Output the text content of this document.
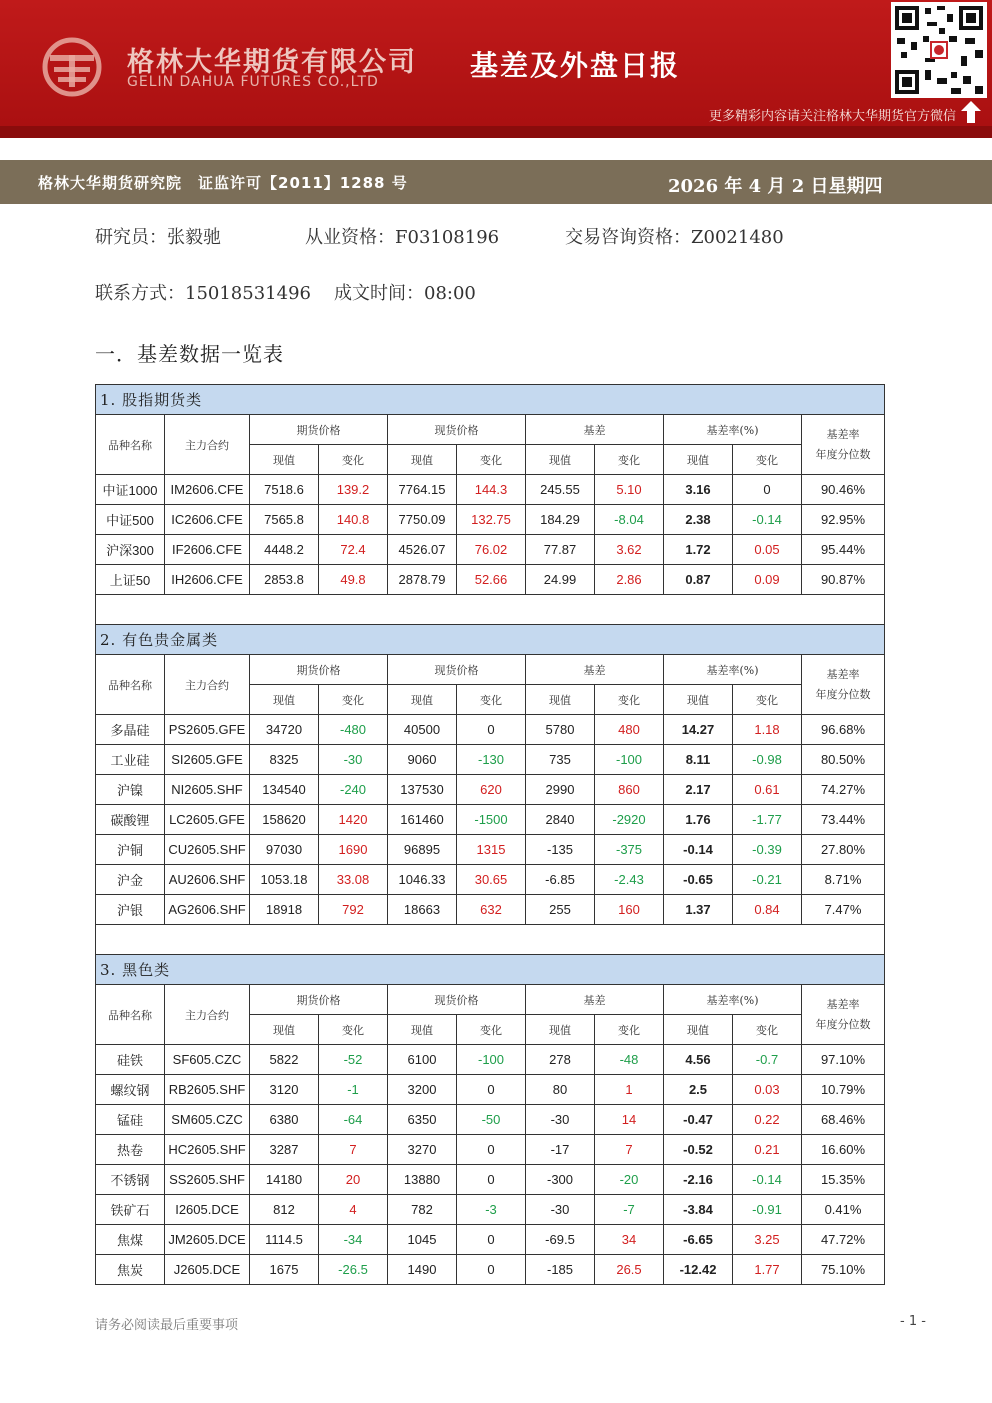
格林大华期货有限公司
GELIN DAHUA FUTURES CO.,LTD	基差及外盘日报
更多精彩内容请关注格林大华期货官方微信
格林大华期货研究院　证监许可【2011】1288 号	2026 年 4 月 2 日星期四
研究员：张毅驰	从业资格：F03108196	交易咨询资格：Z0021480
联系方式：15018531496 成文时间：08:00
一．基差数据一览表
1. 股指期货类										
品种名称	主力合约	期货价格		现货价格		基差		基差率(%)		基差率
年度分位数

		现值	变化	现值	变化	现值	变化	现值	变化	
中证1000	IM2606.CFE	7518.6	139.2	7764.15	144.3	245.55	5.10	3.16	0	90.46%
中证500	IC2606.CFE	7565.8	140.8	7750.09	132.75	184.29	-8.04	2.38	-0.14	92.95%
沪深300	IF2606.CFE	4448.2	72.4	4526.07	76.02	77.87	3.62	1.72	0.05	95.44%
上证50	IH2606.CFE	2853.8	49.8	2878.79	52.66	24.99	2.86	0.87	0.09	90.87%

2. 有色贵金属类										
品种名称	主力合约	期货价格		现货价格		基差		基差率(%)		基差率
年度分位数

		现值	变化	现值	变化	现值	变化	现值	变化	
多晶硅	PS2605.GFE	34720	-480	40500	0	5780	480	14.27	1.18	96.68%
工业硅	SI2605.GFE	8325	-30	9060	-130	735	-100	8.11	-0.98	80.50%
沪镍	NI2605.SHF	134540	-240	137530	620	2990	860	2.17	0.61	74.27%
碳酸锂	LC2605.GFE	158620	1420	161460	-1500	2840	-2920	1.76	-1.77	73.44%
沪铜	CU2605.SHF	97030	1690	96895	1315	-135	-375	-0.14	-0.39	27.80%
沪金	AU2606.SHF	1053.18	33.08	1046.33	30.65	-6.85	-2.43	-0.65	-0.21	8.71%
沪银	AG2606.SHF	18918	792	18663	632	255	160	1.37	0.84	7.47%

3. 黑色类										
品种名称	主力合约	期货价格		现货价格		基差		基差率(%)		基差率
年度分位数

		现值	变化	现值	变化	现值	变化	现值	变化	
硅铁	SF605.CZC	5822	-52	6100	-100	278	-48	4.56	-0.7	97.10%
螺纹钢	RB2605.SHF	3120	-1	3200	0	80	1	2.5	0.03	10.79%
锰硅	SM605.CZC	6380	-64	6350	-50	-30	14	-0.47	0.22	68.46%
热卷	HC2605.SHF	3287	7	3270	0	-17	7	-0.52	0.21	16.60%
不锈钢	SS2605.SHF	14180	20	13880	0	-300	-20	-2.16	-0.14	15.35%
铁矿石	I2605.DCE	812	4	782	-3	-30	-7	-3.84	-0.91	0.41%
焦煤	JM2605.DCE	1114.5	-34	1045	0	-69.5	34	-6.65	3.25	47.72%
焦炭	J2605.DCE	1675	-26.5	1490	0	-185	26.5	-12.42	1.77	75.10%
请务必阅读最后重要事项	- 1 -
